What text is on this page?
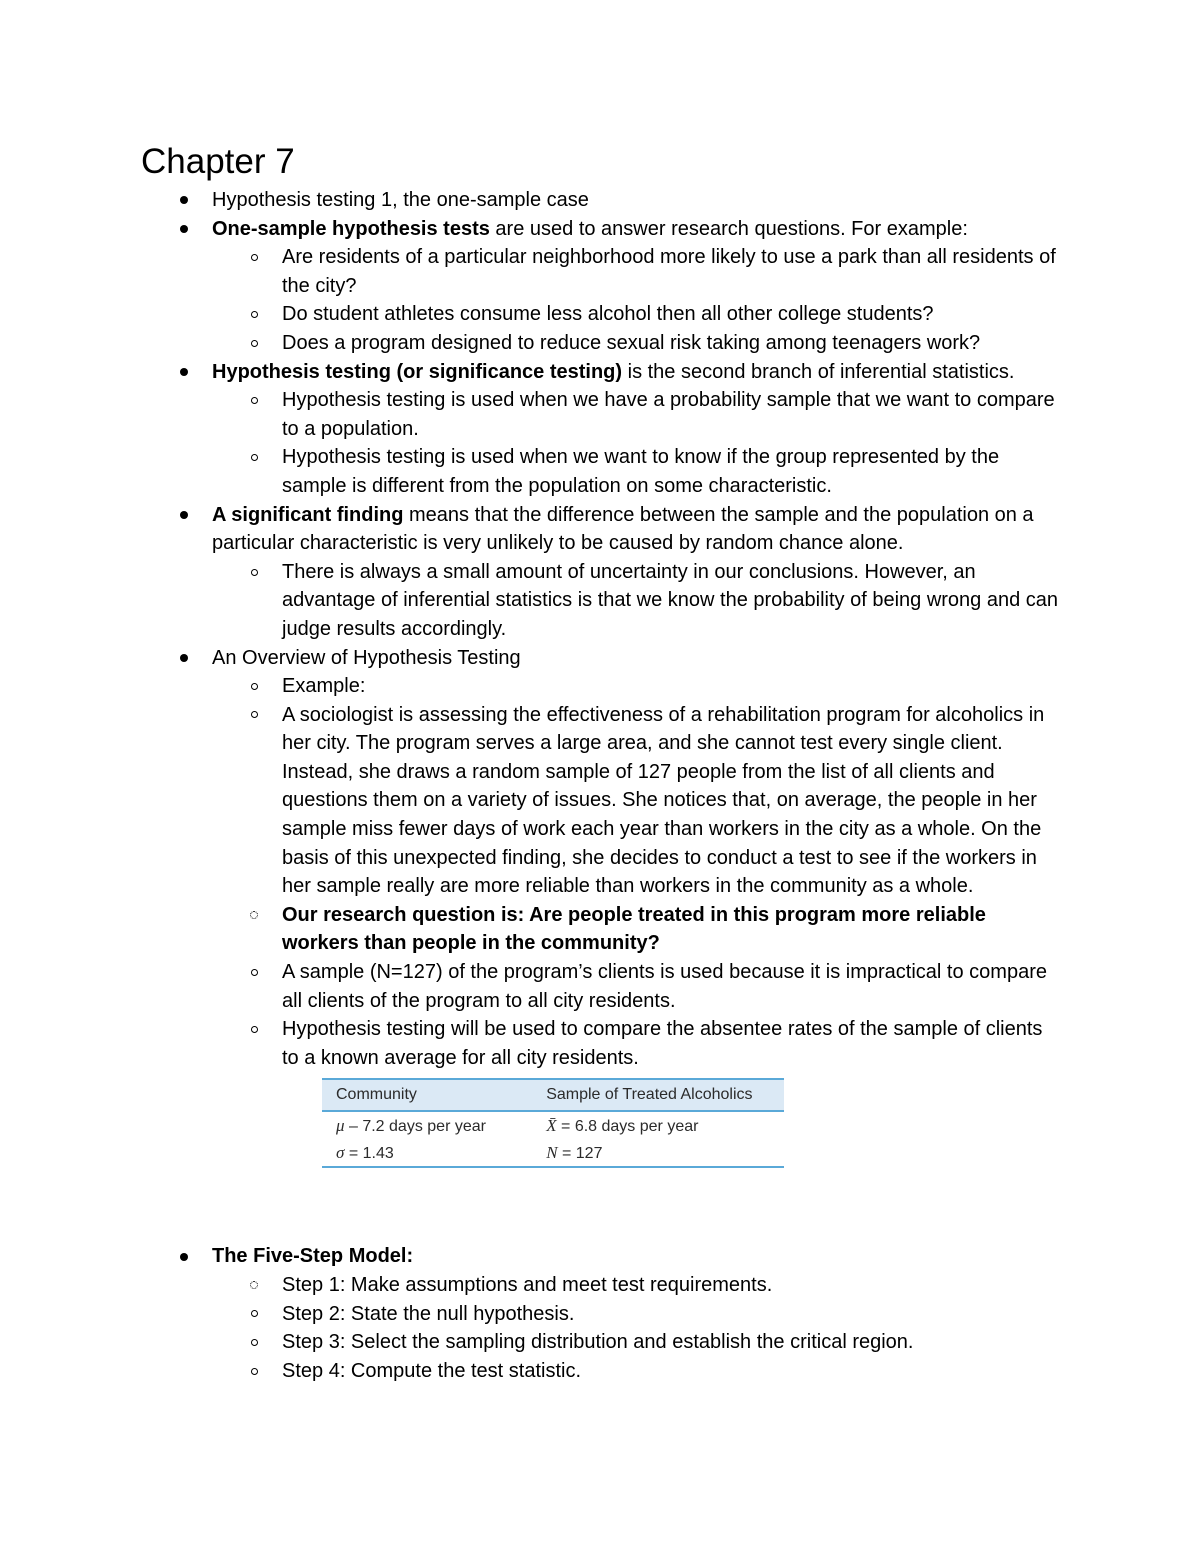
Chapter 7
Hypothesis testing 1, the one-sample case
One-sample hypothesis tests are used to answer research questions. For example:
Are residents of a particular neighborhood more likely to use a park than all residents of the city?
Do student athletes consume less alcohol then all other college students?
Does a program designed to reduce sexual risk taking among teenagers work?
Hypothesis testing (or significance testing) is the second branch of inferential statistics.
Hypothesis testing is used when we have a probability sample that we want to compare to a population.
Hypothesis testing is used when we want to know if the group represented by the sample is different from the population on some characteristic.
A significant finding means that the difference between the sample and the population on a particular characteristic is very unlikely to be caused by random chance alone.
There is always a small amount of uncertainty in our conclusions. However, an advantage of inferential statistics is that we know the probability of being wrong and can judge results accordingly.
An Overview of Hypothesis Testing
Example:
A sociologist is assessing the effectiveness of a rehabilitation program for alcoholics in her city. The program serves a large area, and she cannot test every single client. Instead, she draws a random sample of 127 people from the list of all clients and questions them on a variety of issues. She notices that, on average, the people in her sample miss fewer days of work each year than workers in the city as a whole. On the basis of this unexpected finding, she decides to conduct a test to see if the workers in her sample really are more reliable than workers in the community as a whole.
Our research question is: Are people treated in this program more reliable workers than people in the community?
A sample (N=127) of the program’s clients is used because it is impractical to compare all clients of the program to all city residents.
Hypothesis testing will be used to compare the absentee rates of the sample of clients to a known average for all city residents.
Community	Sample of Treated Alcoholics
μ – 7.2 days per year	X̄ = 6.8 days per year
σ = 1.43	N = 127
The Five-Step Model:
Step 1: Make assumptions and meet test requirements.
Step 2: State the null hypothesis.
Step 3: Select the sampling distribution and establish the critical region.
Step 4: Compute the test statistic.
